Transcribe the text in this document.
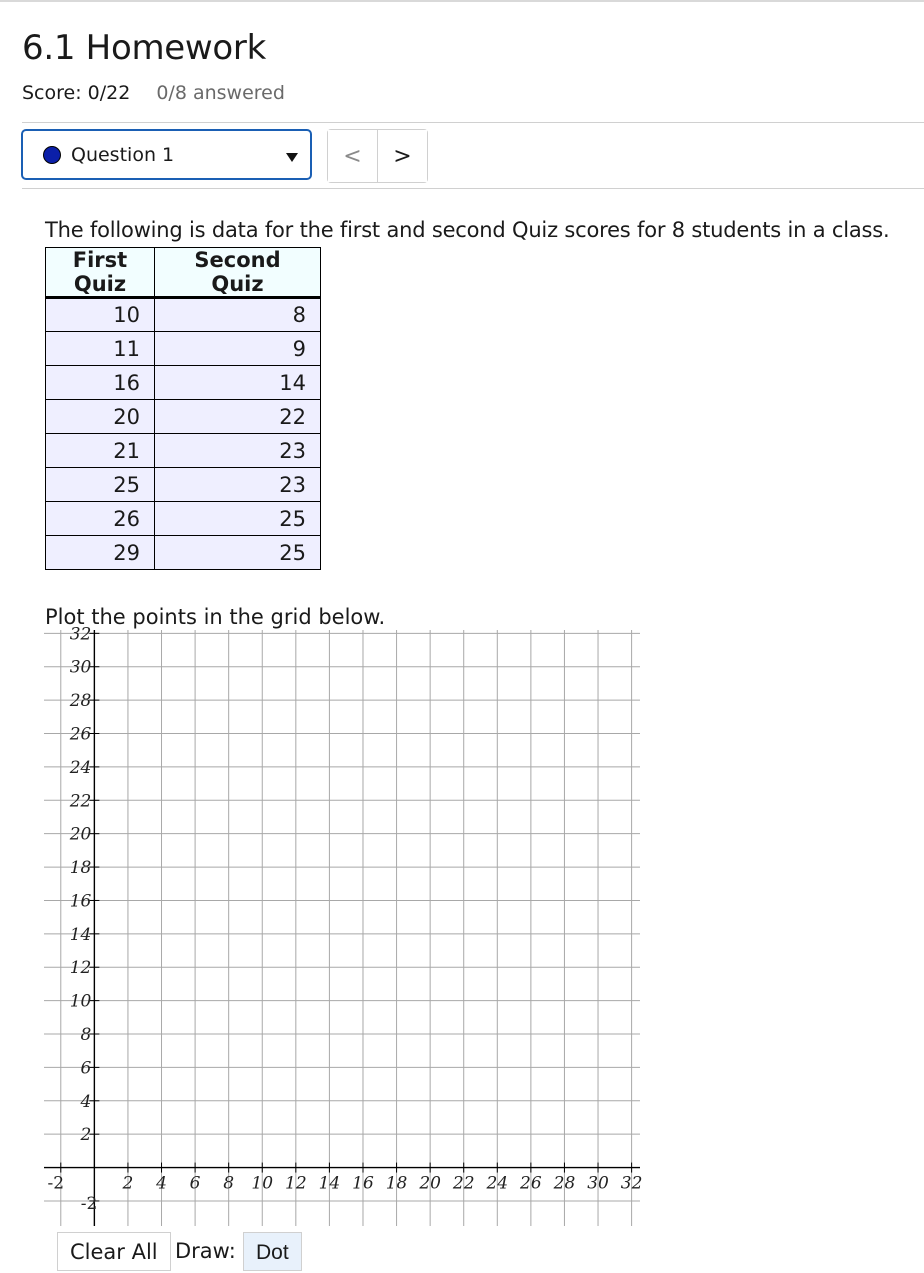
6.1 Homework
Score: 0/22 0/8 answered
Question 1	< >
The following is data for the first and second Quiz scores for 8 students in a class.
First Quiz	Second Quiz
10	8
11	9
16	14
20	22
21	23
25	23
26	25
29	25
Plot the points in the grid below.
-2	2 4 6 8 10 12 14 16 18 20 22 24 26 28 30 32
32
30
28
26
24
22
20
18
16
14
12
10
8
6
4
2
-2
Clear All Draw: Dot
